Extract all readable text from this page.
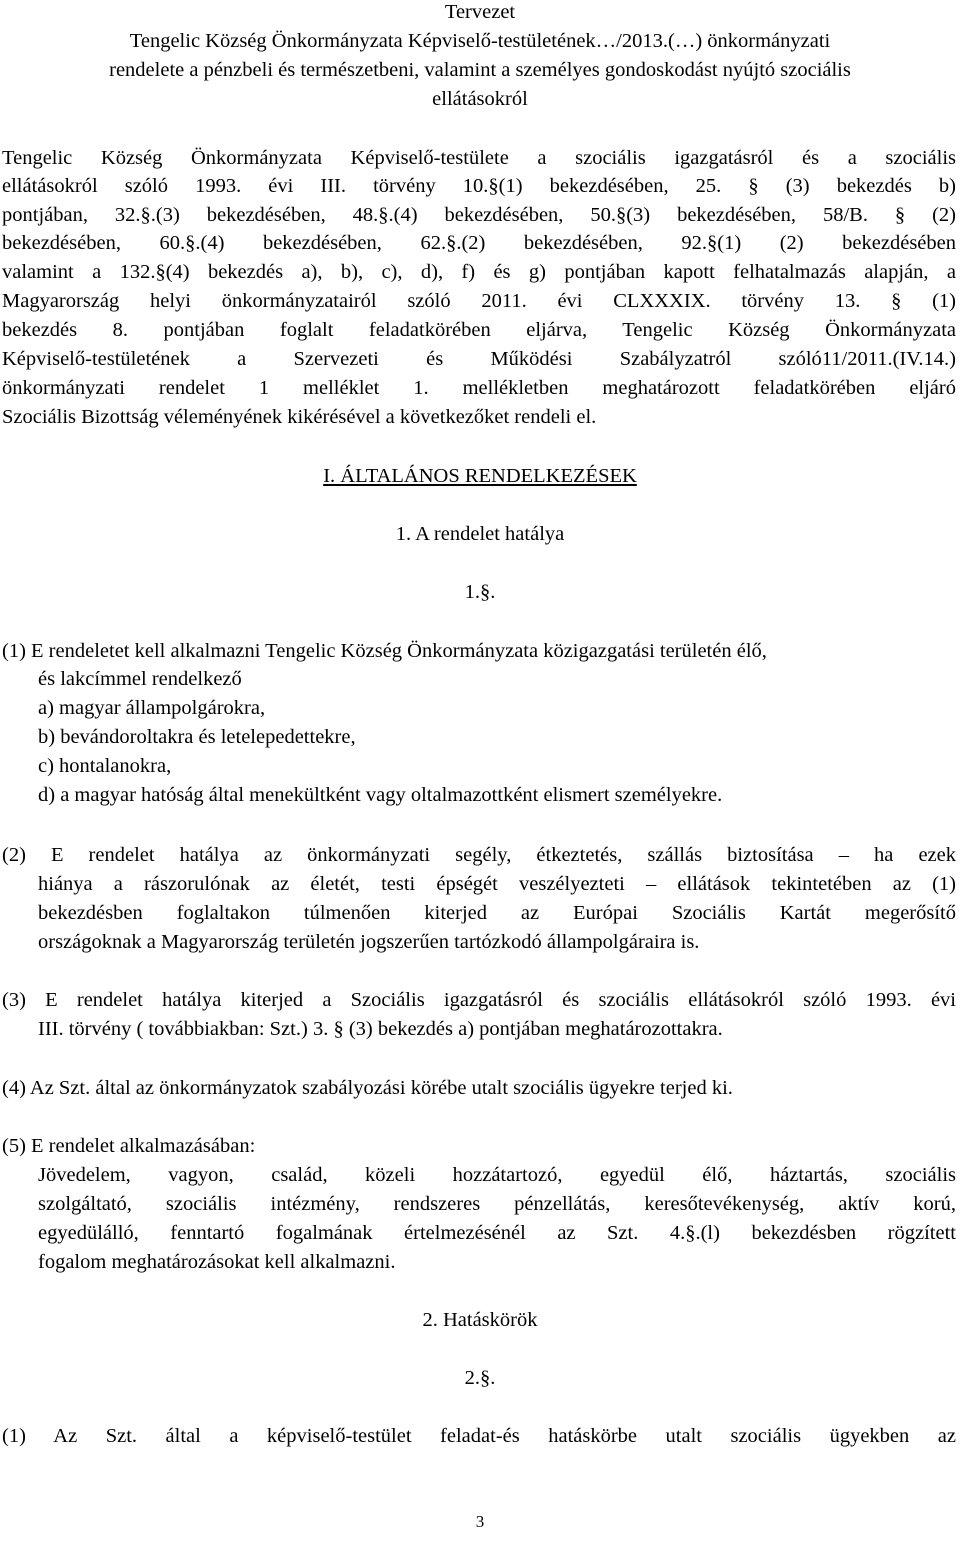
Tervezet
Tengelic Község Önkormányzata Képviselő-testületének…/2013.(…) önkormányzati
rendelete a pénzbeli és természetbeni, valamint a személyes gondoskodást nyújtó szociális
ellátásokról
Tengelic Község Önkormányzata Képviselő-testülete a szociális igazgatásról és a szociális
ellátásokról szóló 1993. évi III. törvény 10.§(1) bekezdésében, 25. § (3) bekezdés b)
pontjában, 32.§.(3) bekezdésében, 48.§.(4) bekezdésében, 50.§(3) bekezdésében, 58/B. § (2)
bekezdésében, 60.§.(4) bekezdésében, 62.§.(2) bekezdésében, 92.§(1) (2) bekezdésében
valamint a 132.§(4) bekezdés a), b), c), d), f) és g) pontjában kapott felhatalmazás alapján, a
Magyarország helyi önkormányzatairól szóló 2011. évi CLXXXIX. törvény 13. § (1)
bekezdés 8. pontjában foglalt feladatkörében eljárva, Tengelic Község Önkormányzata
Képviselő-testületének a Szervezeti és Működési Szabályzatról szóló11/2011.(IV.14.)
önkormányzati rendelet 1 melléklet 1. mellékletben meghatározott feladatkörében eljáró
Szociális Bizottság véleményének kikérésével a következőket rendeli el.
I. ÁLTALÁNOS RENDELKEZÉSEK
1. A rendelet hatálya
1.§.
(1) E rendeletet kell alkalmazni Tengelic Község Önkormányzata közigazgatási területén élő,
és lakcímmel rendelkező
a) magyar állampolgárokra,
b) bevándoroltakra és letelepedettekre,
c) hontalanokra,
d) a magyar hatóság által menekültként vagy oltalmazottként elismert személyekre.
(2) E rendelet hatálya az önkormányzati segély, étkeztetés, szállás biztosítása – ha ezek
hiánya a rászorulónak az életét, testi épségét veszélyezteti – ellátások tekintetében az (1)
bekezdésben foglaltakon túlmenően kiterjed az Európai Szociális Kartát megerősítő
országoknak a Magyarország területén jogszerűen tartózkodó állampolgáraira is.
(3) E rendelet hatálya kiterjed a Szociális igazgatásról és szociális ellátásokról szóló 1993. évi
III. törvény ( továbbiakban: Szt.) 3. § (3) bekezdés a) pontjában meghatározottakra.
(4) Az Szt. által az önkormányzatok szabályozási körébe utalt szociális ügyekre terjed ki.
(5) E rendelet alkalmazásában:
Jövedelem, vagyon, család, közeli hozzátartozó, egyedül élő, háztartás, szociális
szolgáltató, szociális intézmény, rendszeres pénzellátás, keresőtevékenység, aktív korú,
egyedülálló, fenntartó fogalmának értelmezésénél az Szt. 4.§.(l) bekezdésben rögzített
fogalom meghatározásokat kell alkalmazni.
2. Hatáskörök
2.§.
(1) Az Szt. által a képviselő-testület feladat-és hatáskörbe utalt szociális ügyekben az
3
